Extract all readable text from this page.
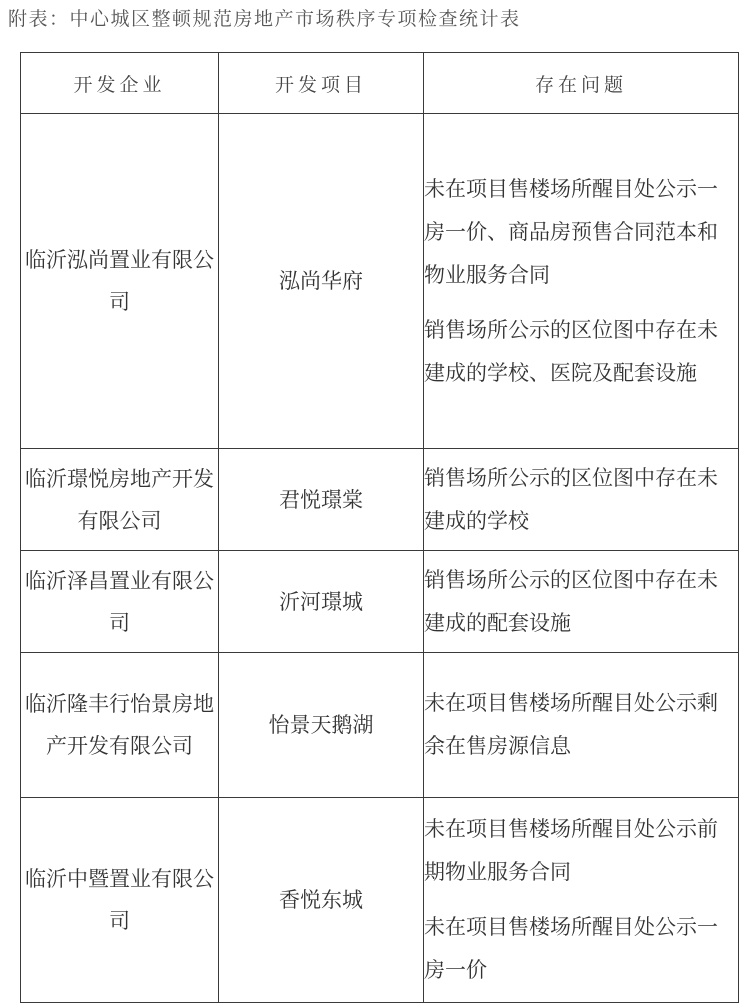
附表：中心城区整顿规范房地产市场秩序专项检查统计表
开发企业	开发项目	存在问题
临沂泓尚置业有限公司	泓尚华府	未在项目售楼场所醒目处公示一房一价、商品房预售合同范本和物业服务合同
销售场所公示的区位图中存在未建成的学校、医院及配套设施

临沂璟悦房地产开发有限公司	君悦璟棠	销售场所公示的区位图中存在未建成的学校

临沂泽昌置业有限公司	沂河璟城	销售场所公示的区位图中存在未建成的配套设施

临沂隆丰行怡景房地产开发有限公司	怡景天鹅湖	未在项目售楼场所醒目处公示剩余在售房源信息

临沂中暨置业有限公司	香悦东城	未在项目售楼场所醒目处公示前期物业服务合同
未在项目售楼场所醒目处公示一房一价
